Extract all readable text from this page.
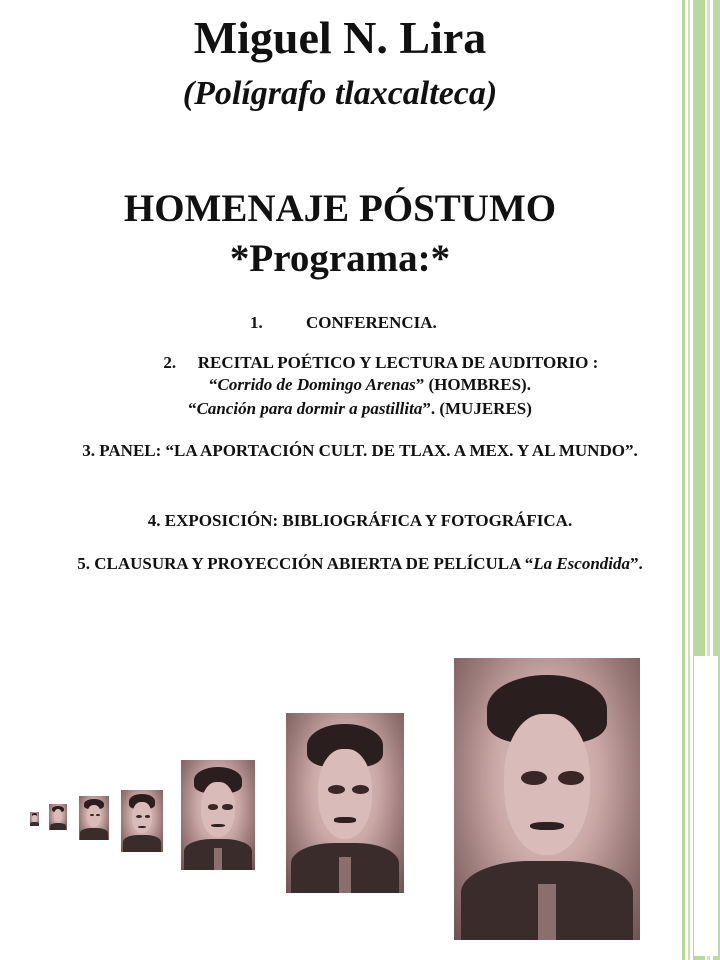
Miguel N. Lira
(Polígrafo tlaxcalteca)
HOMENAJE PÓSTUMO
*Programa:*
1.	CONFERENCIA.
2. RECITAL POÉTICO Y LECTURA DE AUDITORIO :
“Corrido de Domingo Arenas” (HOMBRES).
“Canción para dormir a pastillita”. (MUJERES)
3. PANEL: “LA APORTACIÓN CULT. DE TLAX. A MEX. Y AL MUNDO”.
4. EXPOSICIÓN: BIBLIOGRÁFICA Y FOTOGRÁFICA.
5. CLAUSURA Y PROYECCIÓN ABIERTA DE PELÍCULA “La Escondida”.
